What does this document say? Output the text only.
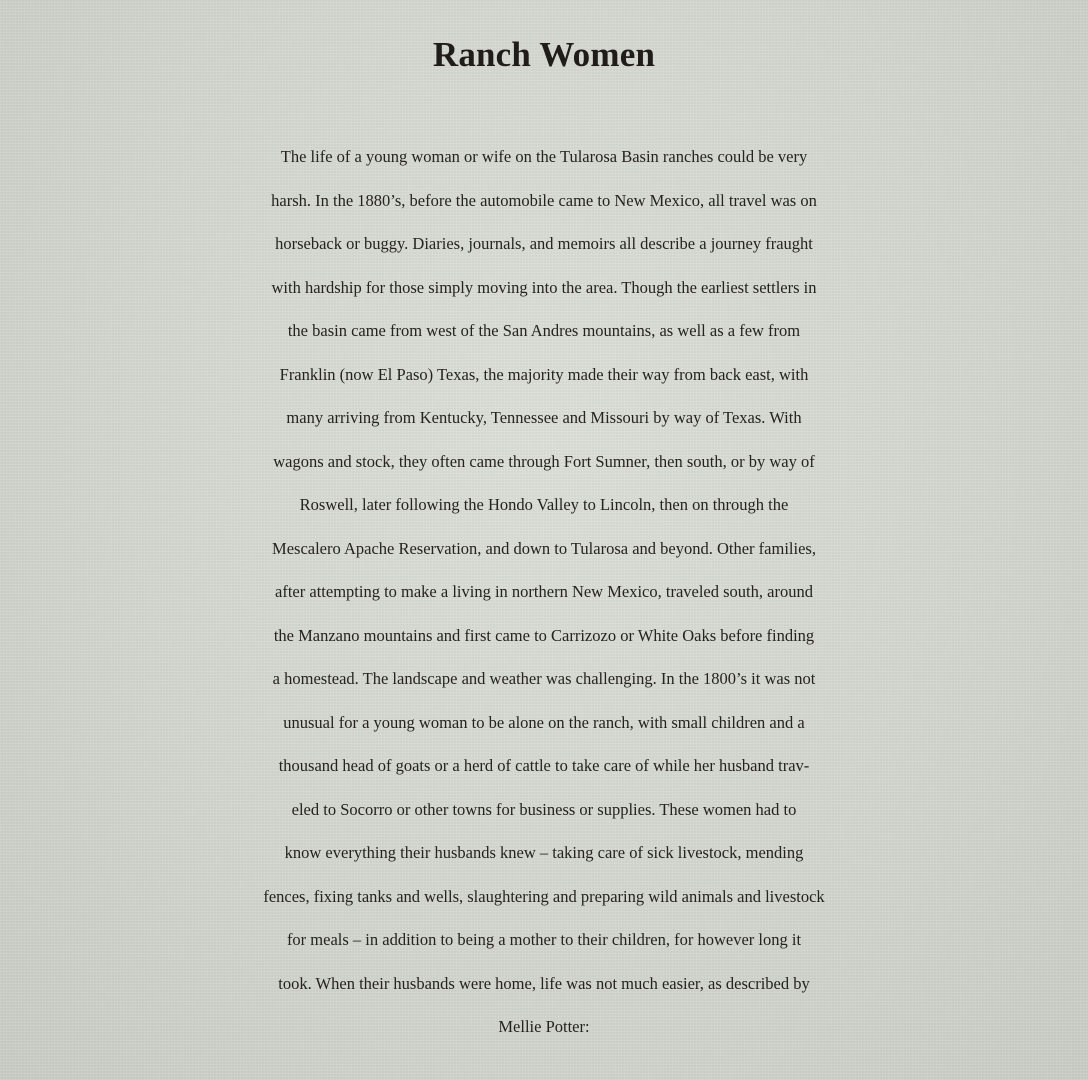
Ranch Women
The life of a young woman or wife on the Tularosa Basin ranches could be very
harsh. In the 1880’s, before the automobile came to New Mexico, all travel was on
horseback or buggy. Diaries, journals, and memoirs all describe a journey fraught
with hardship for those simply moving into the area. Though the earliest settlers in
the basin came from west of the San Andres mountains, as well as a few from
Franklin (now El Paso) Texas, the majority made their way from back east, with
many arriving from Kentucky, Tennessee and Missouri by way of Texas. With
wagons and stock, they often came through Fort Sumner, then south, or by way of
Roswell, later following the Hondo Valley to Lincoln, then on through the
Mescalero Apache Reservation, and down to Tularosa and beyond. Other families,
after attempting to make a living in northern New Mexico, traveled south, around
the Manzano mountains and first came to Carrizozo or White Oaks before finding
a homestead. The landscape and weather was challenging. In the 1800’s it was not
unusual for a young woman to be alone on the ranch, with small children and a
thousand head of goats or a herd of cattle to take care of while her husband trav-
eled to Socorro or other towns for business or supplies. These women had to
know everything their husbands knew – taking care of sick livestock, mending
fences, fixing tanks and wells, slaughtering and preparing wild animals and livestock
for meals – in addition to being a mother to their children, for however long it
took. When their husbands were home, life was not much easier, as described by
Mellie Potter:
